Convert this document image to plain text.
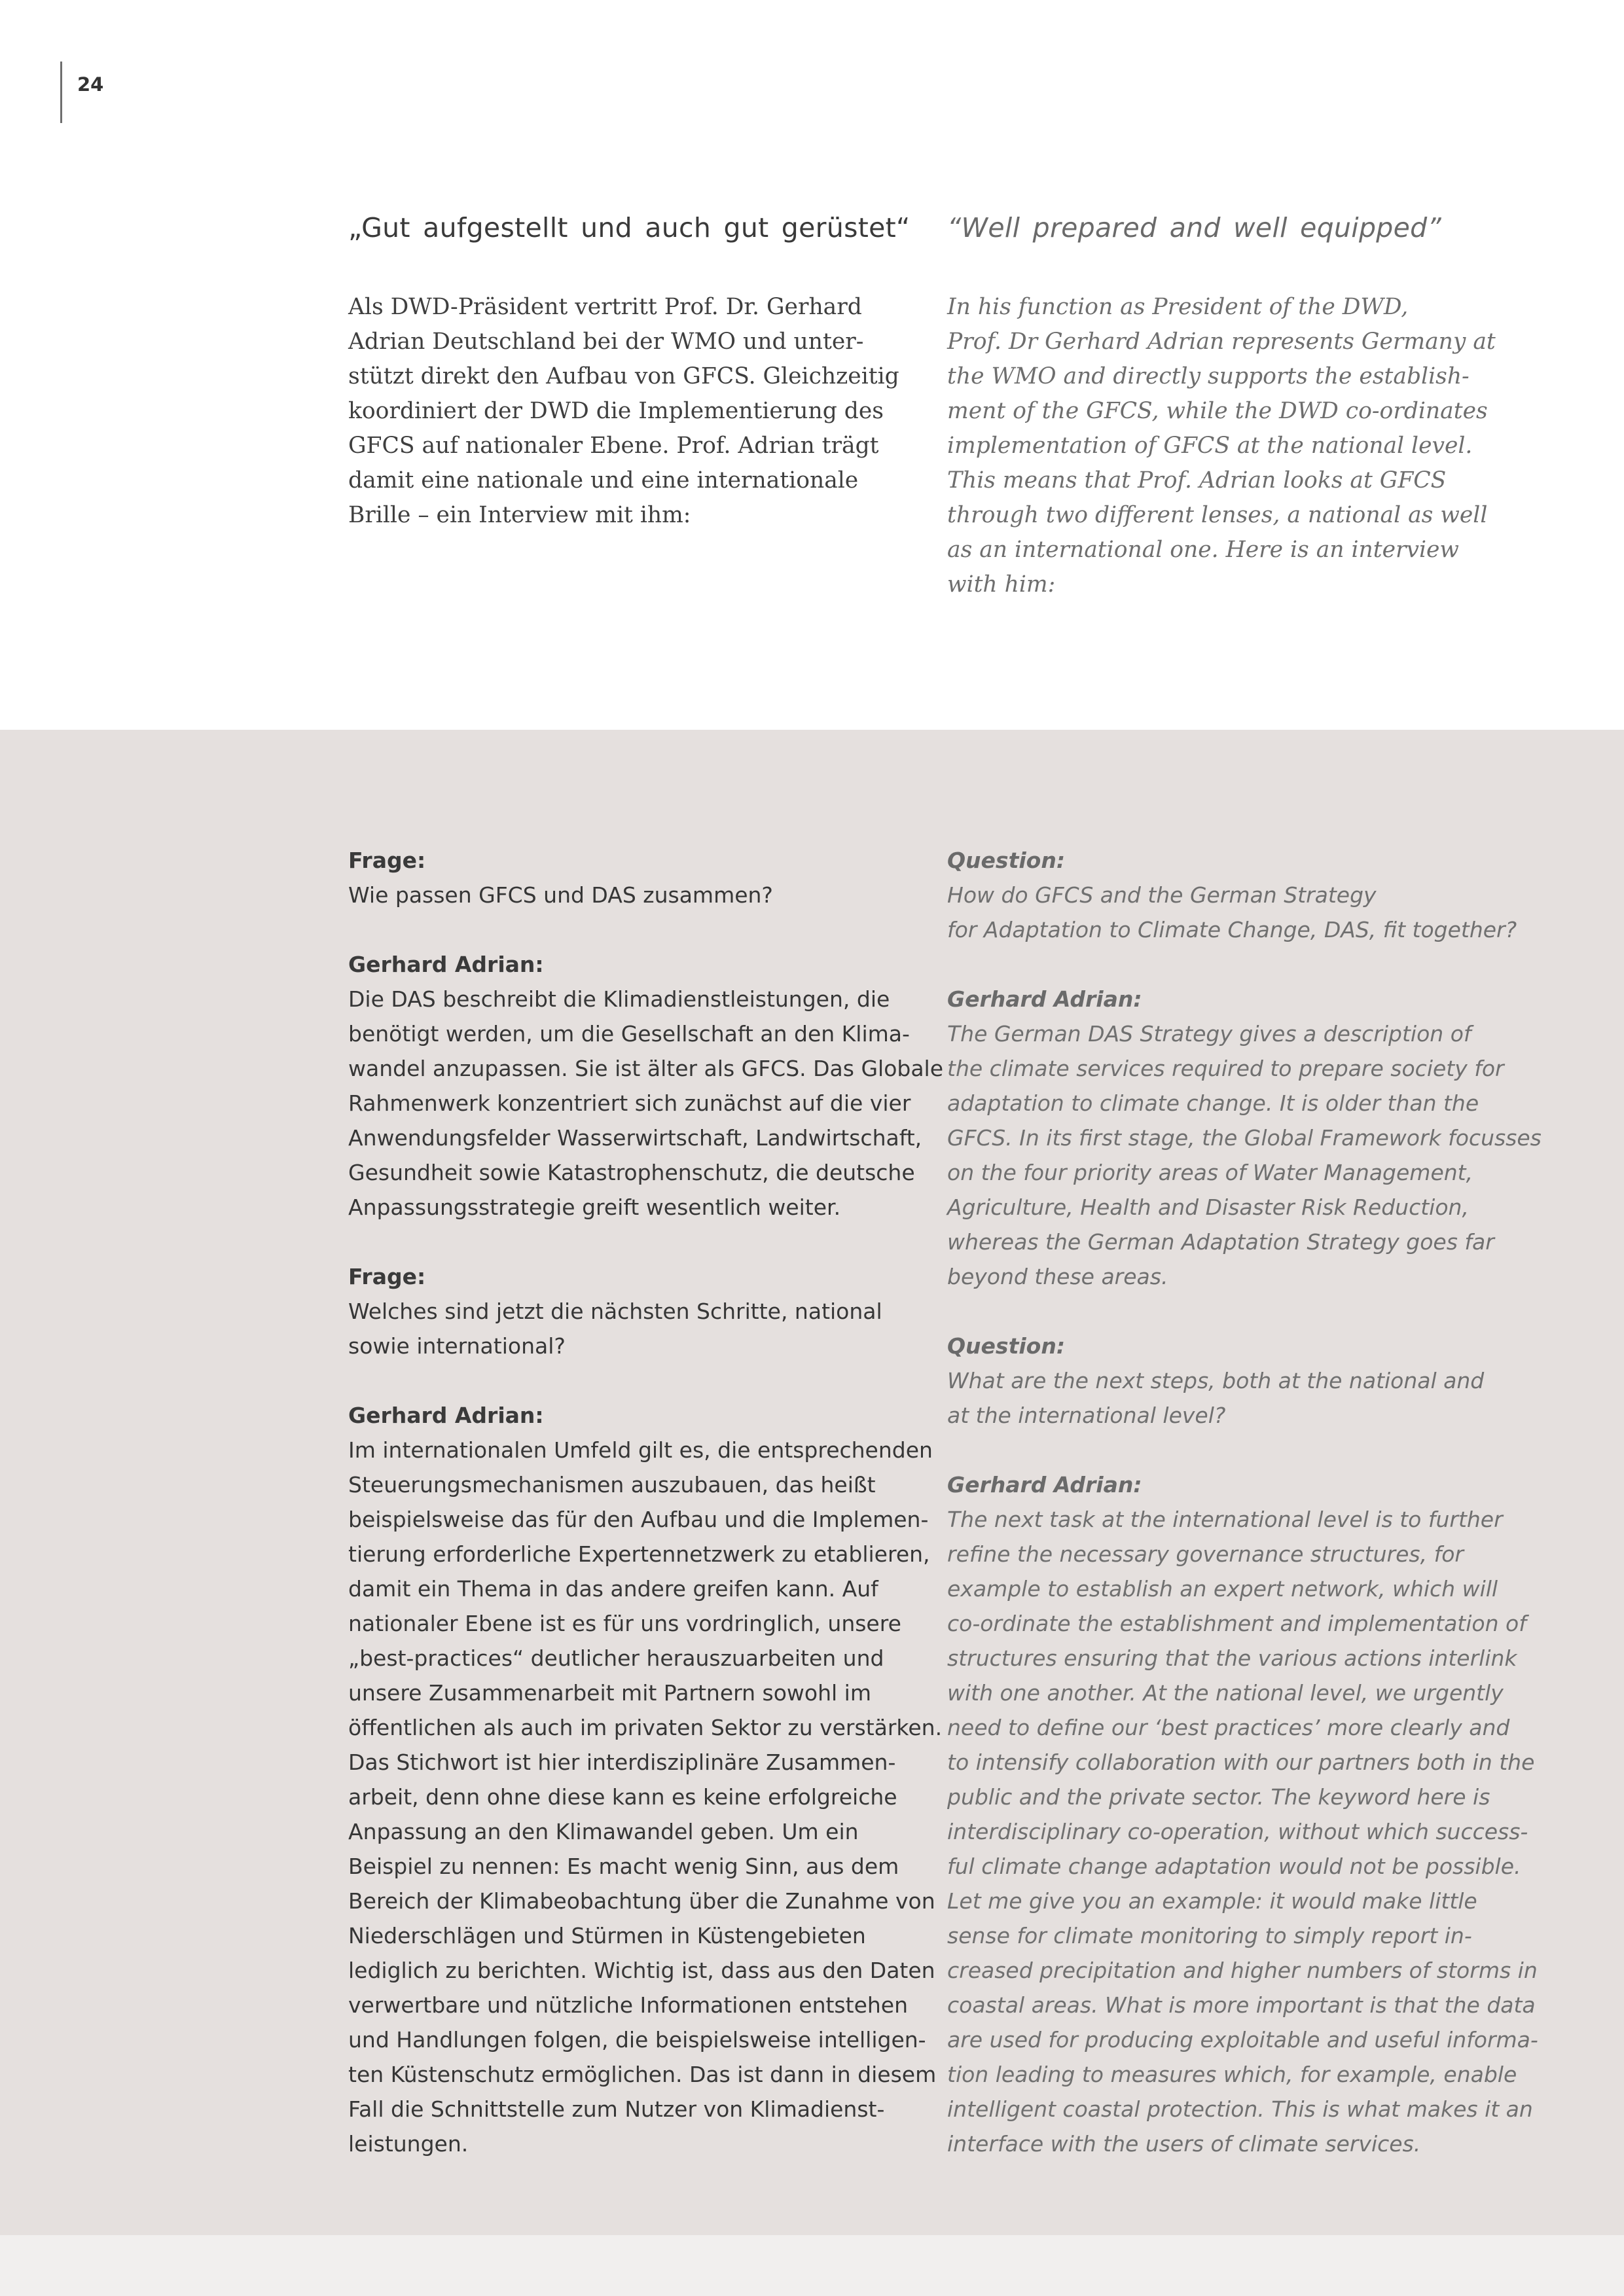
24
„Gut aufgestellt und auch gut gerüstet“

Als DWD-Präsident vertritt Prof. Dr. Gerhard
Adrian Deutschland bei der WMO und unter-
stützt direkt den Aufbau von GFCS. Gleichzeitig
koordiniert der DWD die Implementierung des
GFCS auf nationaler Ebene. Prof. Adrian trägt
damit eine nationale und eine internationale
Brille – ein Interview mit ihm:

“Well prepared and well equipped”

In his function as President of the DWD,
Prof. Dr Gerhard Adrian represents Germany at
the WMO and directly supports the establish-
ment of the GFCS, while the DWD co-ordinates
implementation of GFCS at the national level.
This means that Prof. Adrian looks at GFCS
through two different lenses, a national as well
as an international one. Here is an interview
with him:

Frage:
Wie passen GFCS und DAS zusammen?
Gerhard Adrian:
Die DAS beschreibt die Klimadienstleistungen, die
benötigt werden, um die Gesellschaft an den Klima-
wandel anzupassen. Sie ist älter als GFCS. Das Globale
Rahmenwerk konzentriert sich zunächst auf die vier
Anwendungsfelder Wasserwirtschaft, Landwirtschaft,
Gesundheit sowie Katastrophenschutz, die deutsche
Anpassungsstrategie greift wesentlich weiter.
Frage:
Welches sind jetzt die nächsten Schritte, national
sowie international?
Gerhard Adrian:
Im internationalen Umfeld gilt es, die entsprechenden
Steuerungsmechanismen auszubauen, das heißt
beispielsweise das für den Aufbau und die Implemen-
tierung erforderliche Expertennetzwerk zu etablieren,
damit ein Thema in das andere greifen kann. Auf
nationaler Ebene ist es für uns vordringlich, unsere
„best-practices“ deutlicher herauszuarbeiten und
unsere Zusammenarbeit mit Partnern sowohl im
öffentlichen als auch im privaten Sektor zu verstärken.
Das Stichwort ist hier interdisziplinäre Zusammen-
arbeit, denn ohne diese kann es keine erfolgreiche
Anpassung an den Klimawandel geben. Um ein
Beispiel zu nennen: Es macht wenig Sinn, aus dem
Bereich der Klimabeobachtung über die Zunahme von
Niederschlägen und Stürmen in Küstengebieten
lediglich zu berichten. Wichtig ist, dass aus den Daten
verwertbare und nützliche Informationen entstehen
und Handlungen folgen, die beispielsweise intelligen-
ten Küstenschutz ermöglichen. Das ist dann in diesem
Fall die Schnittstelle zum Nutzer von Klimadienst-
leistungen.
Question:
How do GFCS and the German Strategy
for Adaptation to Climate Change, DAS, fit together?
Gerhard Adrian:
The German DAS Strategy gives a description of
the climate services required to prepare society for
adaptation to climate change. It is older than the
GFCS. In its first stage, the Global Framework focusses
on the four priority areas of Water Management,
Agriculture, Health and Disaster Risk Reduction,
whereas the German Adaptation Strategy goes far
beyond these areas.
Question:
What are the next steps, both at the national and
at the international level?
Gerhard Adrian:
The next task at the international level is to further
refine the necessary governance structures, for
example to establish an expert network, which will
co-ordinate the establishment and implementation of
structures ensuring that the various actions interlink
with one another. At the national level, we urgently
need to define our ‘best practices’ more clearly and
to intensify collaboration with our partners both in the
public and the private sector. The keyword here is
interdisciplinary co-operation, without which success-
ful climate change adaptation would not be possible.
Let me give you an example: it would make little
sense for climate monitoring to simply report in-
creased precipitation and higher numbers of storms in
coastal areas. What is more important is that the data
are used for producing exploitable and useful informa-
tion leading to measures which, for example, enable
intelligent coastal protection. This is what makes it an
interface with the users of climate services.
